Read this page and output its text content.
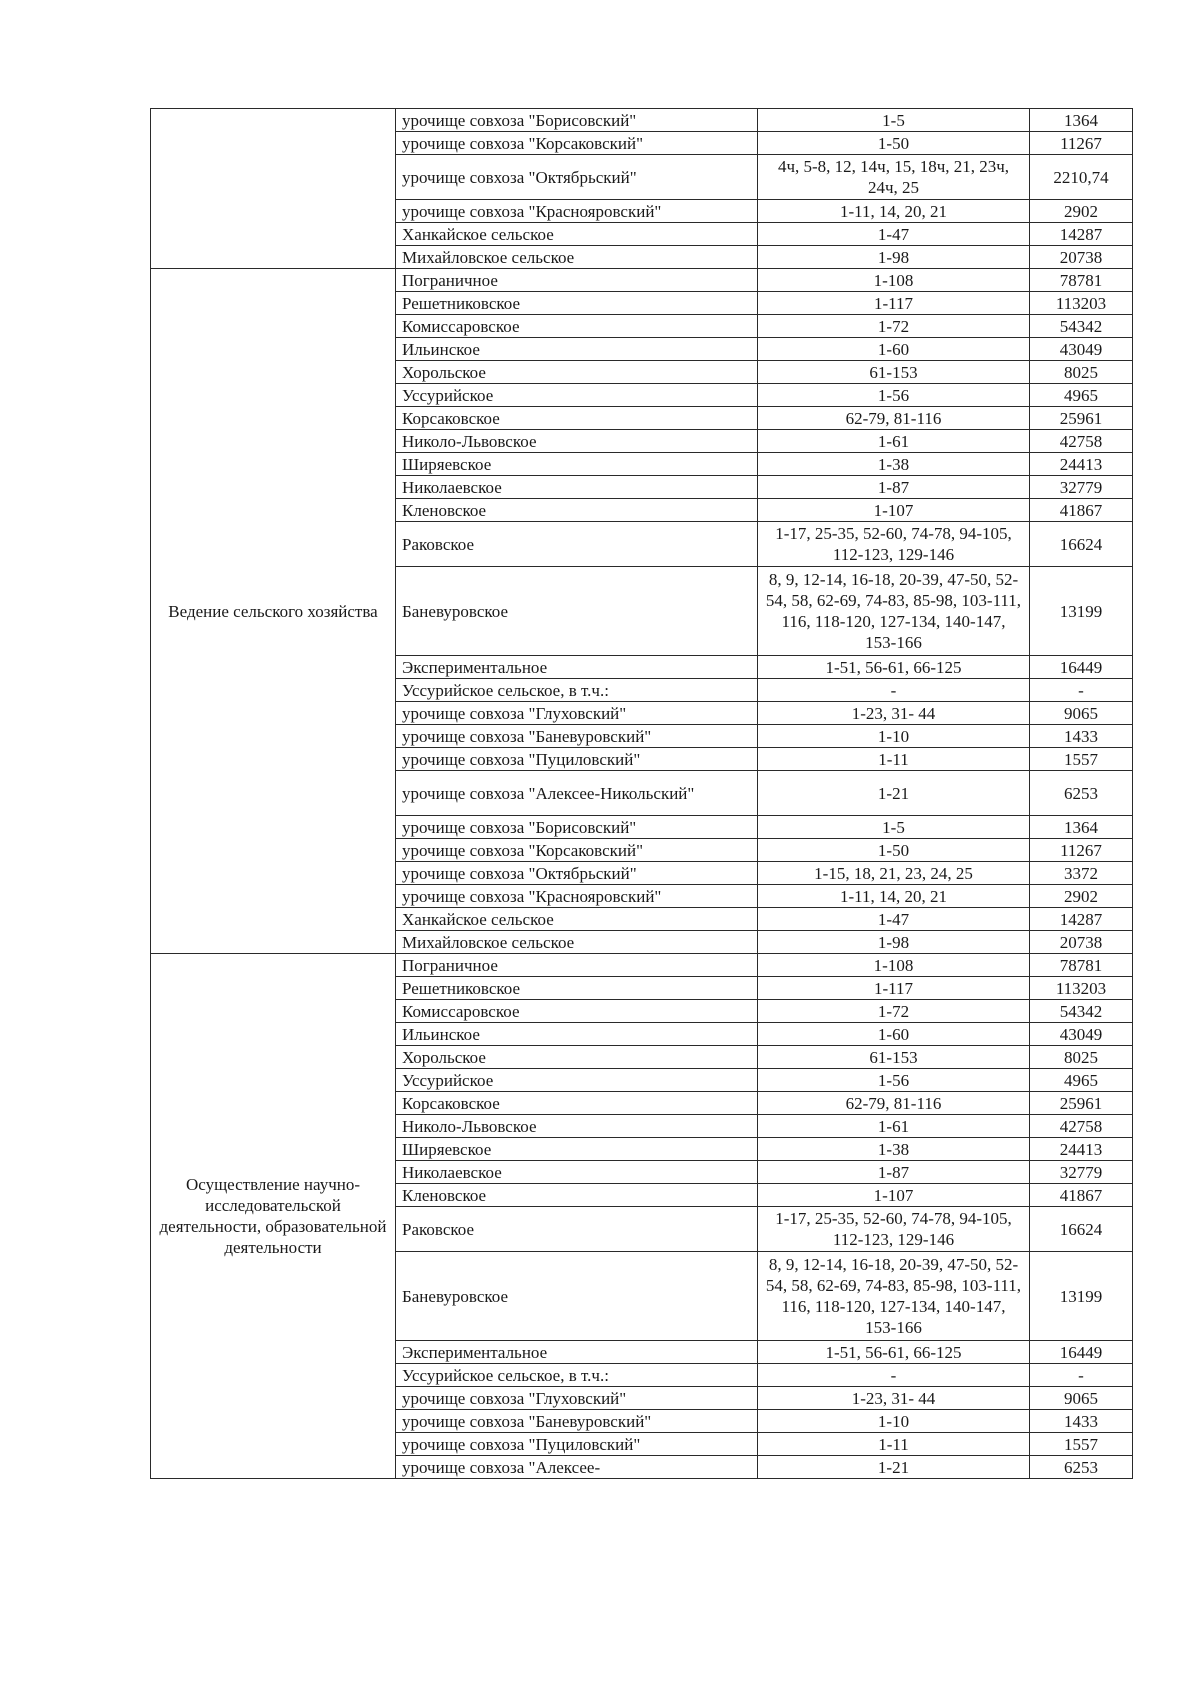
	урочище совхоза "Борисовский"	1-5	1364
	урочище совхоза "Корсаковский"	1-50	11267
	урочище совхоза "Октябрьский"	4ч, 5-8, 12, 14ч, 15, 18ч, 21, 23ч, 24ч, 25	2210,74
	урочище совхоза "Краснояровский"	1-11, 14, 20, 21	2902
	Ханкайское сельское	1-47	14287
	Михайловское сельское	1-98	20738
Ведение сельского хозяйства	Пограничное	1-108	78781
	Решетниковское	1-117	113203
	Комиссаровское	1-72	54342
	Ильинское	1-60	43049
	Хорольское	61-153	8025
	Уссурийское	1-56	4965
	Корсаковское	62-79, 81-116	25961
	Николо-Львовское	1-61	42758
	Ширяевское	1-38	24413
	Николаевское	1-87	32779
	Кленовское	1-107	41867
	Раковское	1-17, 25-35, 52-60, 74-78, 94-105, 112-123, 129-146	16624
	Баневуровское	8, 9, 12-14, 16-18, 20-39, 47-50, 52-54, 58, 62-69, 74-83, 85-98, 103-111, 116, 118-120, 127-134, 140-147, 153-166	13199
	Экспериментальное	1-51, 56-61, 66-125	16449
	Уссурийское сельское, в т.ч.:	-	-
	урочище совхоза "Глуховский"	1-23, 31- 44	9065
	урочище совхоза "Баневуровский"	1-10	1433
	урочище совхоза "Пуциловский"	1-11	1557
	урочище совхоза "Алексее-Никольский"	1-21	6253
	урочище совхоза "Борисовский"	1-5	1364
	урочище совхоза "Корсаковский"	1-50	11267
	урочище совхоза "Октябрьский"	1-15, 18, 21, 23, 24, 25	3372
	урочище совхоза "Краснояровский"	1-11, 14, 20, 21	2902
	Ханкайское сельское	1-47	14287
	Михайловское сельское	1-98	20738
Осуществление научно-исследовательской деятельности, образовательной деятельности	Пограничное	1-108	78781
	Решетниковское	1-117	113203
	Комиссаровское	1-72	54342
	Ильинское	1-60	43049
	Хорольское	61-153	8025
	Уссурийское	1-56	4965
	Корсаковское	62-79, 81-116	25961
	Николо-Львовское	1-61	42758
	Ширяевское	1-38	24413
	Николаевское	1-87	32779
	Кленовское	1-107	41867
	Раковское	1-17, 25-35, 52-60, 74-78, 94-105, 112-123, 129-146	16624
	Баневуровское	8, 9, 12-14, 16-18, 20-39, 47-50, 52-54, 58, 62-69, 74-83, 85-98, 103-111, 116, 118-120, 127-134, 140-147, 153-166	13199
	Экспериментальное	1-51, 56-61, 66-125	16449
	Уссурийское сельское, в т.ч.:	-	-
	урочище совхоза "Глуховский"	1-23, 31- 44	9065
	урочище совхоза "Баневуровский"	1-10	1433
	урочище совхоза "Пуциловский"	1-11	1557
	урочище совхоза "Алексее-	1-21	6253
